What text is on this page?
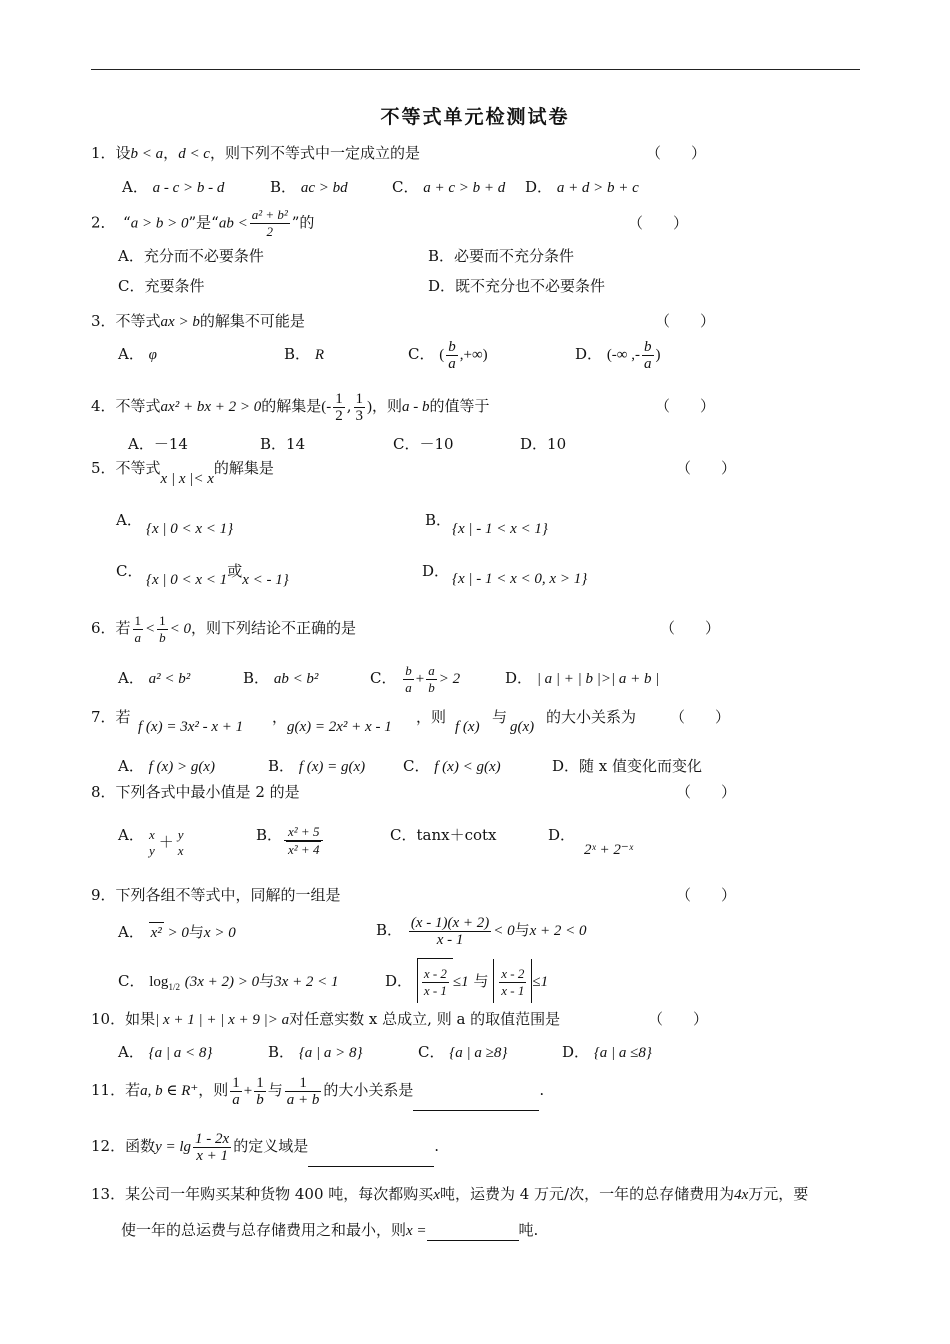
不等式单元检测试卷
1．设b < a，d < c，则下列不等式中一定成立的是	（　　）
A． a - c > b - d	B． ac > bd	C． a + c > b + d D． a + d > b + c
2．　“a > b > 0”是“ab < $\frac{\text{a² + b²}}{2}$ ”的	（　　）
A．充分而不必要条件	B．必要而不充分条件
C．充要条件	D．既不充分也不必要条件
3．不等式ax > b的解集不可能是	（　　）
A． φ	B． R	C． ( $\frac{b}{a}$ ,+∞)	D． (-∞ ,- $\frac{b}{a}$ )
4．不等式ax² + bx + 2 > 0的解集是(- $\frac{1}{2}$ , $\frac{1}{3}$ )，则a - b的值等于	（　　）
A．－14	B．14	C．－10	D．10
5．不等式x | x |< x的解集是	（　　）
A． {x | 0 < x < 1}	B． {x | - 1 < x < 1}
C． {x | 0 < x < 1或x < - 1}	D． {x | - 1 < x < 0, x > 1}
6．若 $\frac{1}{a} < \frac{1}{b} < 0$，则下列结论不正确的是	（　　）
A． a² < b²	B． ab < b²	C． $\frac{b}{a} + \frac{a}{b} > 2$	D． | a | + | b |>| a + b |
7．若
f (x) = 3x² - x + 1
，
g(x) = 2x² + x - 1
，则
f (x)
与
g(x)
的大小关系为 （　　）
A． f (x) > g(x)	B． f (x) = g(x)	C． f (x) < g(x)	D．随 x 值变化而变化
8．下列各式中最小值是 2 的是	（　　）
A． x
y ＋ y
x
B． $\frac{\text{x² + 5}}{\text{x² + 4}}$	C．tanx＋cotx	D．
2ˣ + 2⁻ˣ
9．下列各组不等式中，同解的一组是	（　　）
A． x² > 0与x > 0	B． $\frac{(x - 1)(x + 2)}{x - 1} < 0$与x + 2 < 0
C． $\log_{1/2} (3x + 2) > 0$与3x + 2 < 1	D． $\frac{x - 2}{x - 1} \le 1$ 与 $\frac{x - 2}{x - 1} \le 1$
10．如果| x + 1 | + | x + 9 |> a对任意实数 x 总成立, 则 a 的取值范围是	（　　）
A． {a | a < 8}	B． {a | a > 8}	C． {a | a ≥8}	D． {a | a ≤8}
11．若a, b ∈ R⁺，则 $\frac{1}{a} + \frac{1}{b}$ 与 $\frac{1}{a + b}$ 的大小关系是	.
12．函数$y = \lg \frac{1 - 2x}{x + 1}$ 的定义域是	.
13．某公司一年购买某种货物 400 吨，每次都购买x吨，运费为 4 万元/次，一年的总存储费用为4x万元，要
使一年的总运费与总存储费用之和最小，则x =	吨.
